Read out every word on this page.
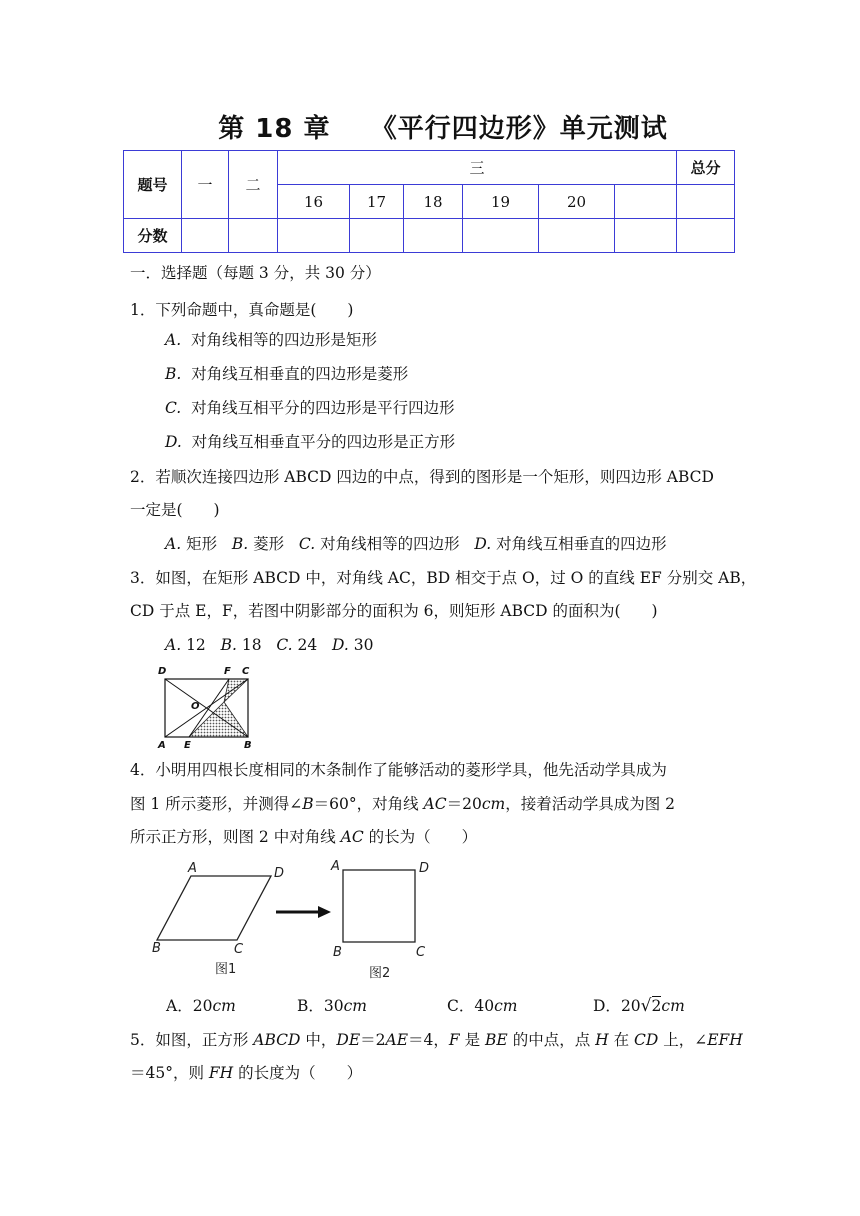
第 18 章    《平行四边形》单元测试
题号	一	二	三						总分
			16	17	18	19	20		
分数									
一．选择题（每题 3 分，共 30 分）
1．下列命题中，真命题是(　　)
A. 对角线相等的四边形是矩形
B. 对角线互相垂直的四边形是菱形
C. 对角线互相平分的四边形是平行四边形
D. 对角线互相垂直平分的四边形是正方形
2．若顺次连接四边形 ABCD 四边的中点，得到的图形是一个矩形，则四边形 ABCD
一定是(　　)
A. 矩形 B. 菱形 C. 对角线相等的四边形 D. 对角线互相垂直的四边形
3．如图，在矩形 ABCD 中，对角线 AC，BD 相交于点 O，过 O 的直线 EF 分别交 AB，
CD 于点 E，F，若图中阴影部分的面积为 6，则矩形 ABCD 的面积为(　　)
A. 12 B. 18 C. 24 D. 30
D	F C
O
A E	B
4．小明用四根长度相同的木条制作了能够活动的菱形学具，他先活动学具成为
图 1 所示菱形，并测得∠B＝60°，对角线 AC＝20cm，接着活动学具成为图 2
所示正方形，则图 2 中对角线 AC 的长为（　　）
A	D
B	C
图1
A	D
B	C
图2
A．20cm	B．30cm	C．40cm	D．20√2cm
5．如图，正方形 ABCD 中，DE＝2AE＝4，F 是 BE 的中点，点 H 在 CD 上，∠EFH
＝45°，则 FH 的长度为（　　）
